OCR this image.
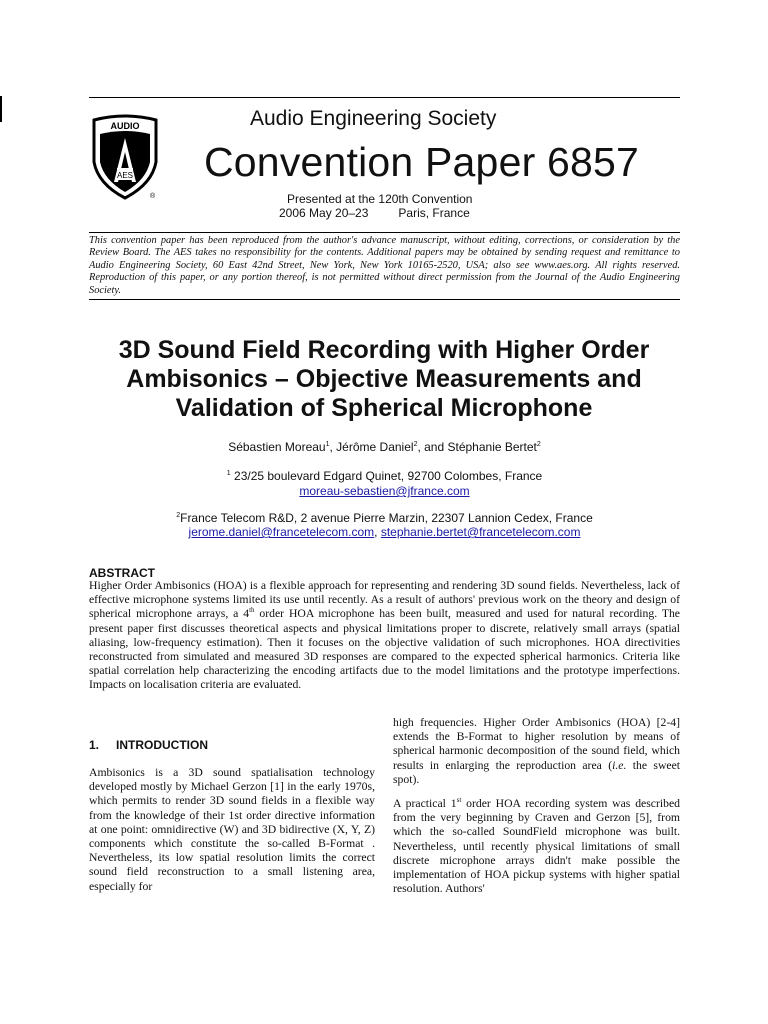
AUDIO
AES
®
Audio Engineering Society
Convention Paper 6857
Presented at the 120th Convention
2006 May 20–23         Paris, France
This convention paper has been reproduced from the author's advance manuscript, without editing, corrections, or consideration by the Review Board. The AES takes no responsibility for the contents. Additional papers may be obtained by sending request and remittance to Audio Engineering Society, 60 East 42nd Street, New York, New York 10165-2520, USA; also see www.aes.org. All rights reserved. Reproduction of this paper, or any portion thereof, is not permitted without direct permission from the Journal of the Audio Engineering Society.
3D Sound Field Recording with Higher Order
Ambisonics – Objective Measurements and
Validation of Spherical Microphone
Sébastien Moreau$^1$, Jérôme Daniel$^2$, and Stéphanie Bertet$^2$
$^1$ 23/25 boulevard Edgard Quinet, 92700 Colombes, France
moreau-sebastien@jfrance.com
$^2$France Telecom R&D, 2 avenue Pierre Marzin, 22307 Lannion Cedex, France
jerome.daniel@francetelecom.com, stephanie.bertet@francetelecom.com
ABSTRACT
Higher Order Ambisonics (HOA) is a flexible approach for representing and rendering 3D sound fields. Nevertheless, lack of effective microphone systems limited its use until recently. As a result of authors' previous work on the theory and design of spherical microphone arrays, a 4th order HOA microphone has been built, measured and used for natural recording. The present paper first discusses theoretical aspects and physical limitations proper to discrete, relatively small arrays (spatial aliasing, low-frequency estimation). Then it focuses on the objective validation of such microphones. HOA directivities reconstructed from simulated and measured 3D responses are compared to the expected spherical harmonics. Criteria like spatial correlation help characterizing the encoding artifacts due to the model limitations and the prototype imperfections. Impacts on localisation criteria are evaluated.
1. INTRODUCTION
Ambisonics is a 3D sound spatialisation technology developed mostly by Michael Gerzon [1] in the early 1970s, which permits to render 3D sound fields in a flexible way from the knowledge of their 1st order directive information at one point: omnidirective (W) and 3D bidirective (X, Y, Z) components which constitute the so-called B-Format . Nevertheless, its low spatial resolution limits the correct sound field reconstruction to a small listening area, especially for
high frequencies. Higher Order Ambisonics (HOA) [2-4] extends the B-Format to higher resolution by means of spherical harmonic decomposition of the sound field, which results in enlarging the reproduction area (i.e. the sweet spot).
A practical 1st order HOA recording system was described from the very beginning by Craven and Gerzon [5], from which the so-called SoundField microphone was built. Nevertheless, until recently physical limitations of small discrete microphone arrays didn't make possible the implementation of HOA pickup systems with higher spatial resolution. Authors'
